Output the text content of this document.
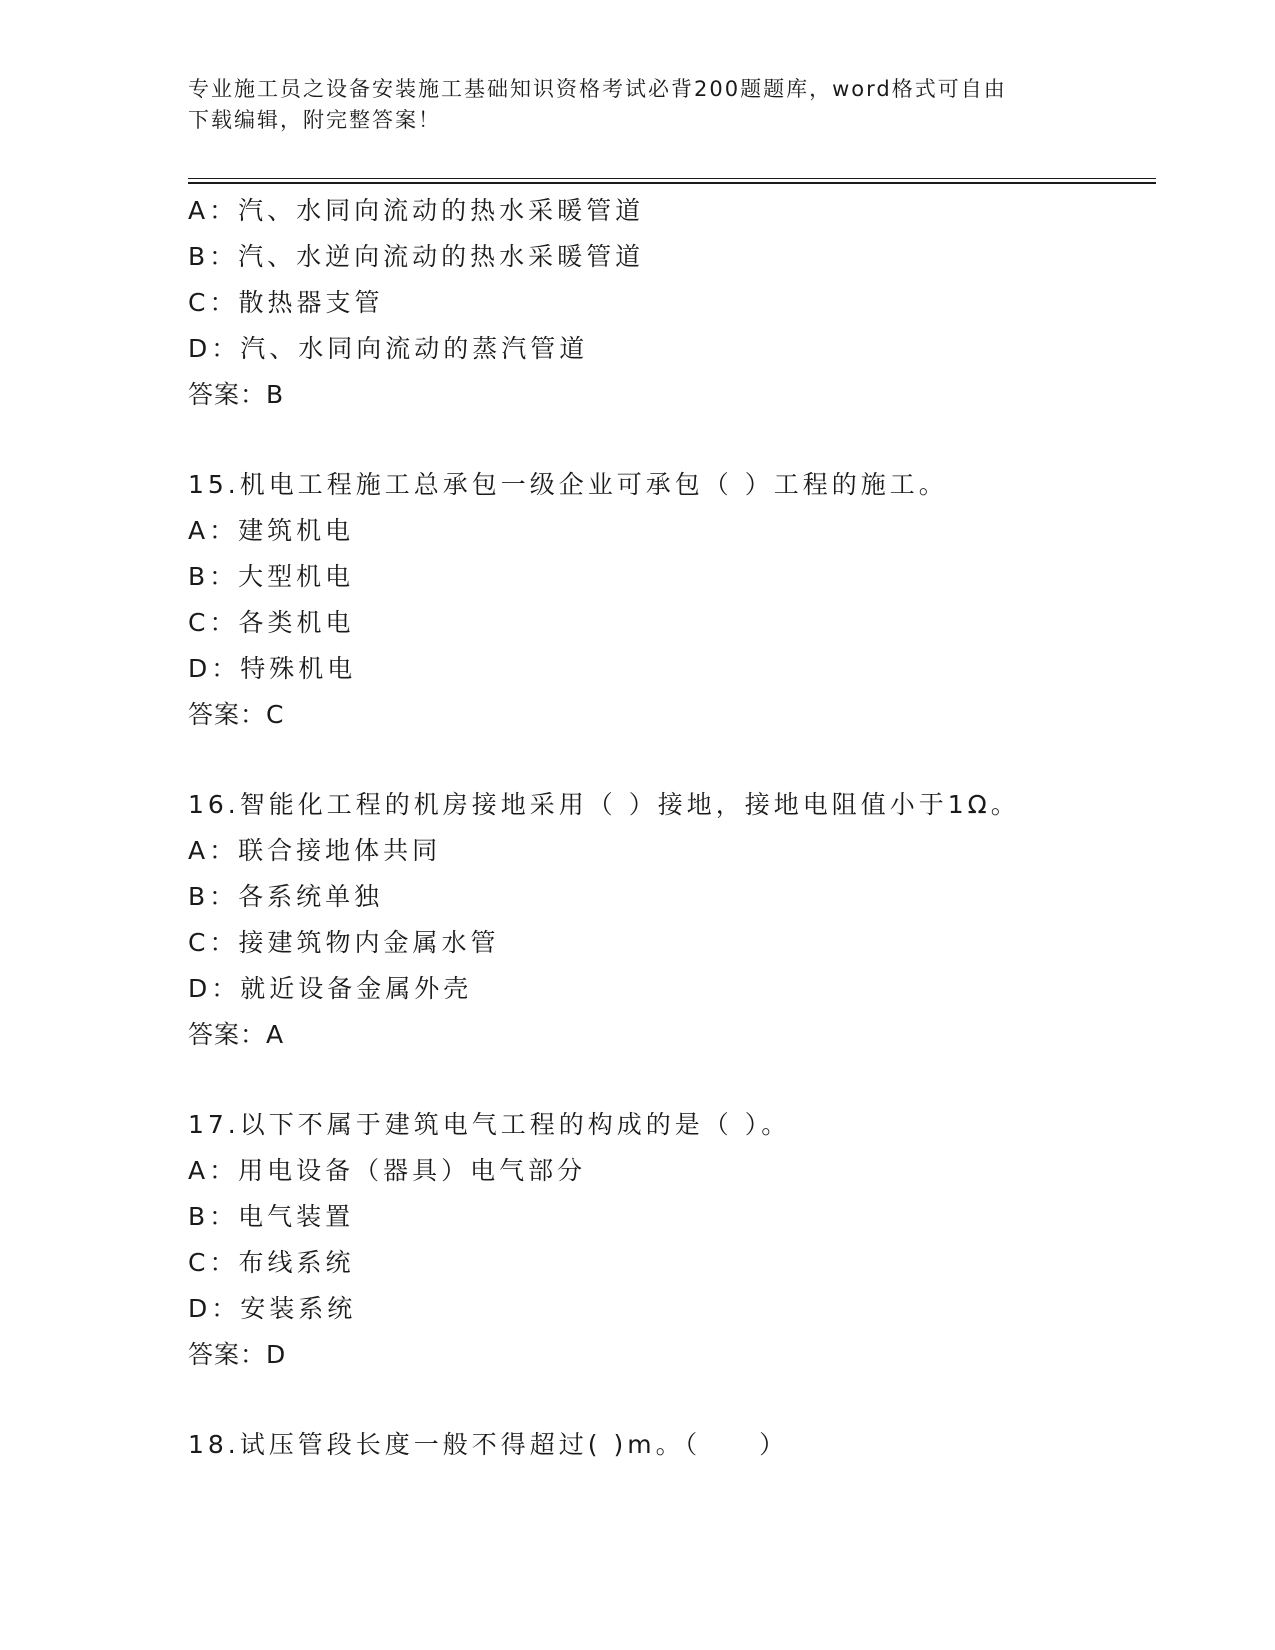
专业施工员之设备安装施工基础知识资格考试必背200题题库，word格式可自由
下载编辑，附完整答案！
A：汽、水同向流动的热水采暖管道
B：汽、水逆向流动的热水采暖管道
C：散热器支管
D：汽、水同向流动的蒸汽管道
答案：B
15.机电工程施工总承包一级企业可承包（ ）工程的施工。
A：建筑机电
B：大型机电
C：各类机电
D：特殊机电
答案：C
16.智能化工程的机房接地采用（ ）接地，接地电阻值小于1Ω。
A：联合接地体共同
B：各系统单独
C：接建筑物内金属水管
D：就近设备金属外壳
答案：A
17.以下不属于建筑电气工程的构成的是（ ）。
A：用电设备（器具）电气部分
B：电气装置
C：布线系统
D：安装系统
答案：D
18.试压管段长度一般不得超过( )m。（　　）
